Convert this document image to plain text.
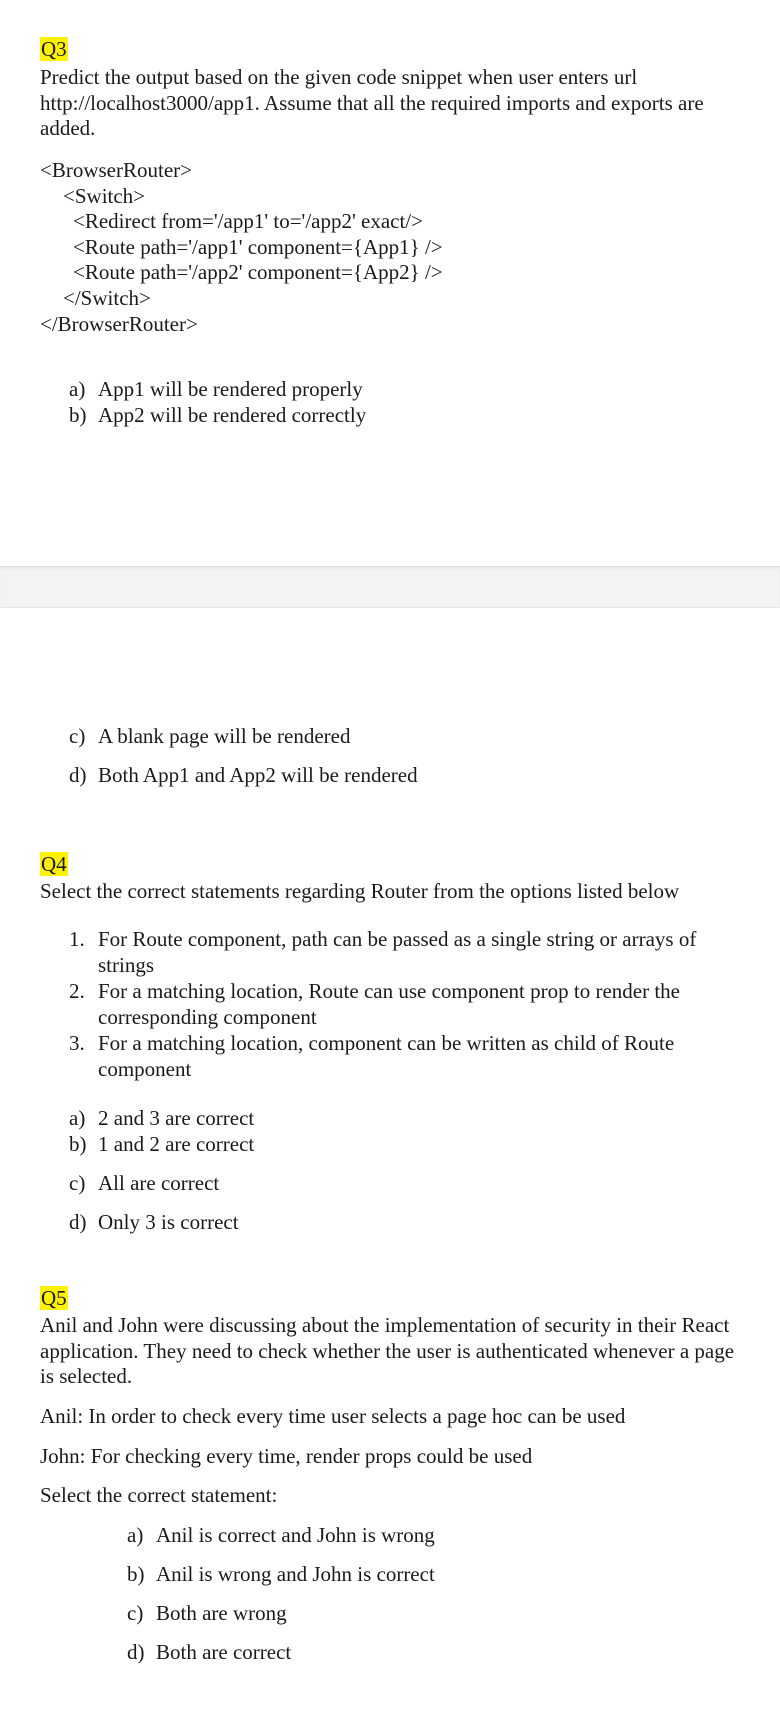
Q3
Predict the output based on the given code snippet when user enters url
http://localhost3000/app1. Assume that all the required imports and exports are
added.
<BrowserRouter>
<Switch>
<Redirect from='/app1' to='/app2' exact/>
<Route path='/app1' component={App1} />
<Route path='/app2' component={App2} />
</Switch>
</BrowserRouter>
a) App1 will be rendered properly
b) App2 will be rendered correctly
c) A blank page will be rendered
d) Both App1 and App2 will be rendered
Q4
Select the correct statements regarding Router from the options listed below
1. For Route component, path can be passed as a single string or arrays of
strings
2. For a matching location, Route can use component prop to render the
corresponding component
3. For a matching location, component can be written as child of Route
component
a) 2 and 3 are correct
b) 1 and 2 are correct
c) All are correct
d) Only 3 is correct
Q5
Anil and John were discussing about the implementation of security in their React
application. They need to check whether the user is authenticated whenever a page
is selected.
Anil: In order to check every time user selects a page hoc can be used
John: For checking every time, render props could be used
Select the correct statement:
a) Anil is correct and John is wrong
b) Anil is wrong and John is correct
c) Both are wrong
d) Both are correct
